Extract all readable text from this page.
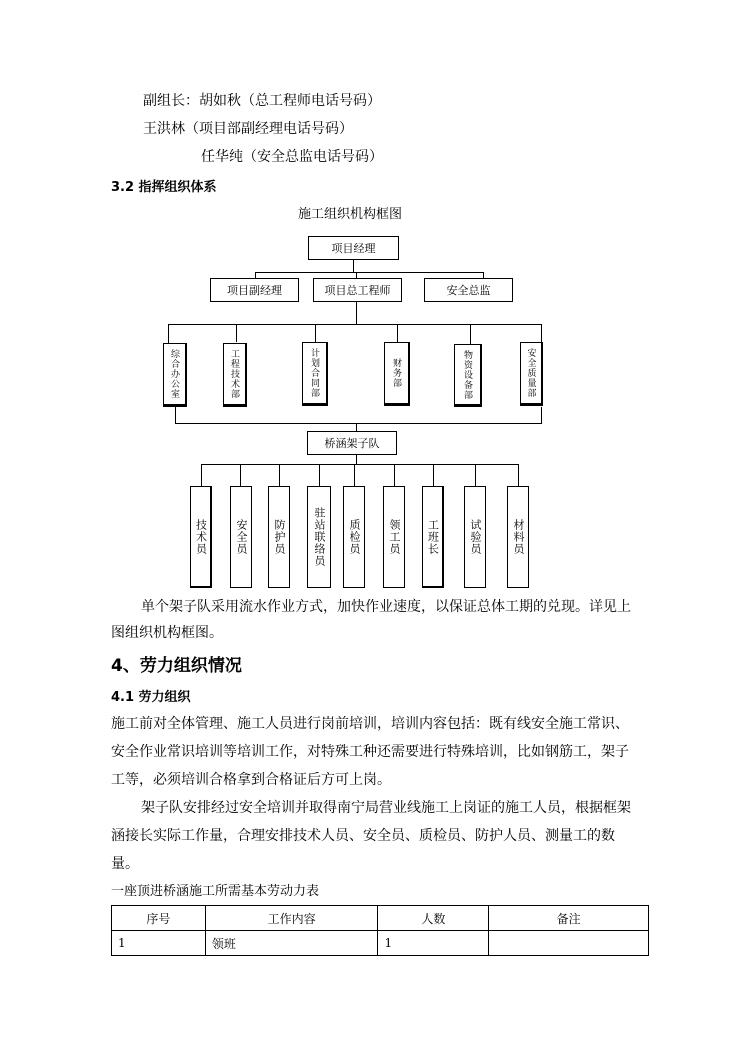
副组长：胡如秋（总工程师电话号码）
王洪林（项目部副经理电话号码）
任华纯（安全总监电话号码）
3.2 指挥组织体系
施工组织机构框图
项目经理
项目副经理	项目总工程师	安全总监
综合办公室	工程技术部	计划合同部	财务部	物资设备部	安全质量部
桥涵架子队
技术员	安全员	防护员	驻站联络员	质检员	领工员	工班长	试验员	材料员
单个架子队采用流水作业方式，加快作业速度，以保证总体工期的兑现。详见上图组织机构框图。
4、劳力组织情况
4.1 劳力组织
施工前对全体管理、施工人员进行岗前培训，培训内容包括：既有线安全施工常识、安全作业常识培训等培训工作，对特殊工种还需要进行特殊培训，比如钢筋工，架子工等，必须培训合格拿到合格证后方可上岗。
架子队安排经过安全培训并取得南宁局营业线施工上岗证的施工人员，根据框架涵接长实际工作量，合理安排技术人员、安全员、质检员、防护人员、测量工的数量。
一座顶进桥涵施工所需基本劳动力表
序号	工作内容	人数	备注
1	领班	1	
